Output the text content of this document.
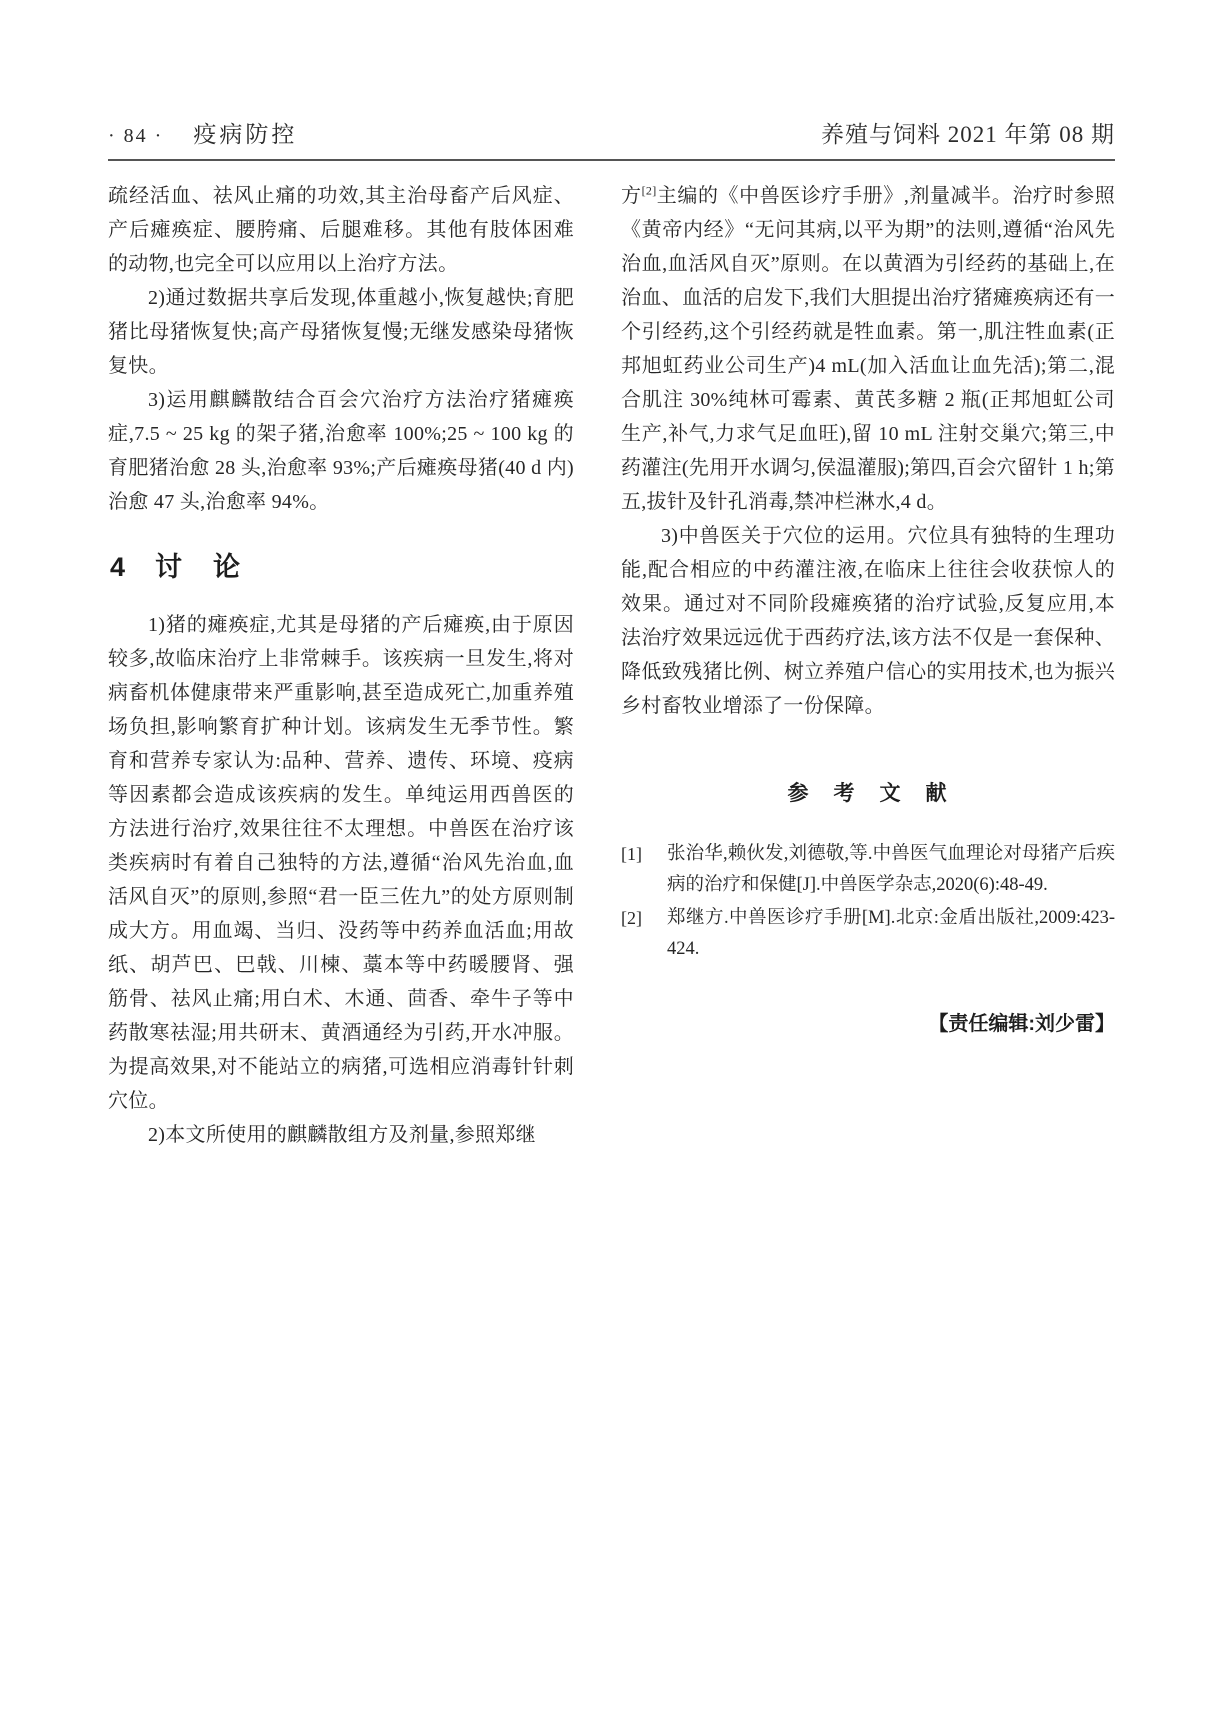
· 84 · 疫病防控	养殖与饲料 2021 年第 08 期

疏经活血、祛风止痛的功效,其主治母畜产后风症、产后瘫痪症、腰胯痛、后腿难移。其他有肢体困难的动物,也完全可以应用以上治疗方法。

2)通过数据共享后发现,体重越小,恢复越快;育肥猪比母猪恢复快;高产母猪恢复慢;无继发感染母猪恢复快。

3)运用麒麟散结合百会穴治疗方法治疗猪瘫痪症,7.5 ~ 25 kg 的架子猪,治愈率 100%;25 ~ 100 kg 的育肥猪治愈 28 头,治愈率 93%;产后瘫痪母猪(40 d 内)治愈 47 头,治愈率 94%。

4 讨　论

1)猪的瘫痪症,尤其是母猪的产后瘫痪,由于原因较多,故临床治疗上非常棘手。该疾病一旦发生,将对病畜机体健康带来严重影响,甚至造成死亡,加重养殖场负担,影响繁育扩种计划。该病发生无季节性。繁育和营养专家认为:品种、营养、遗传、环境、疫病等因素都会造成该疾病的发生。单纯运用西兽医的方法进行治疗,效果往往不太理想。中兽医在治疗该类疾病时有着自己独特的方法,遵循“治风先治血,血活风自灭”的原则,参照“君一臣三佐九”的处方原则制成大方。用血竭、当归、没药等中药养血活血;用故纸、胡芦巴、巴戟、川楝、藁本等中药暖腰肾、强筋骨、祛风止痛;用白术、木通、茴香、牵牛子等中药散寒祛湿;用共研末、黄酒通经为引药,开水冲服。为提高效果,对不能站立的病猪,可选相应消毒针针刺穴位。

2)本文所使用的麒麟散组方及剂量,参照郑继

方[2]主编的《中兽医诊疗手册》,剂量减半。治疗时参照《黄帝内经》“无问其病,以平为期”的法则,遵循“治风先治血,血活风自灭”原则。在以黄酒为引经药的基础上,在治血、血活的启发下,我们大胆提出治疗猪瘫痪病还有一个引经药,这个引经药就是牲血素。第一,肌注牲血素(正邦旭虹药业公司生产)4 mL(加入活血让血先活);第二,混合肌注 30%纯林可霉素、黄芪多糖 2 瓶(正邦旭虹公司生产,补气,力求气足血旺),留 10 mL 注射交巢穴;第三,中药灌注(先用开水调匀,侯温灌服);第四,百会穴留针 1 h;第五,拔针及针孔消毒,禁冲栏淋水,4 d。

3)中兽医关于穴位的运用。穴位具有独特的生理功能,配合相应的中药灌注液,在临床上往往会收获惊人的效果。通过对不同阶段瘫痪猪的治疗试验,反复应用,本法治疗效果远远优于西药疗法,该方法不仅是一套保种、降低致残猪比例、树立养殖户信心的实用技术,也为振兴乡村畜牧业增添了一份保障。

参　考　文　献
[1]	张治华,赖伙发,刘德敬,等.中兽医气血理论对母猪产后疾病的治疗和保健[J].中兽医学杂志,2020(6):48-49.
[2]	郑继方.中兽医诊疗手册[M].北京:金盾出版社,2009:423-424.
【责任编辑:刘少雷】
